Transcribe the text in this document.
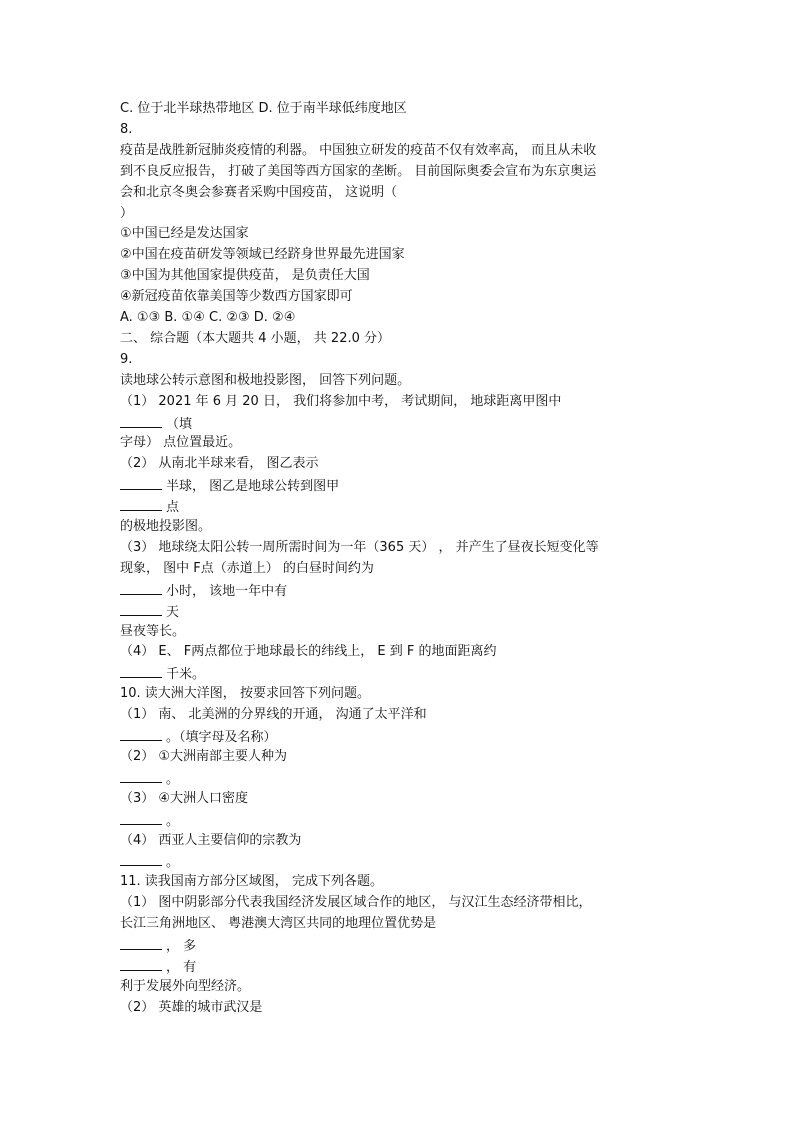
C. 位于北半球热带地区 D. 位于南半球低纬度地区
8.
疫苗是战胜新冠肺炎疫情的利器。 中国独立研发的疫苗不仅有效率高， 而且从未收
到不良反应报告， 打破了美国等西方国家的垄断。 目前国际奥委会宣布为东京奥运
会和北京冬奥会参赛者采购中国疫苗， 这说明（
）
①中国已经是发达国家
②中国在疫苗研发等领域已经跻身世界最先进国家
③中国为其他国家提供疫苗， 是负责任大国
④新冠疫苗依靠美国等少数西方国家即可
A. ①③ B. ①④ C. ②③ D. ②④
二、 综合题（本大题共 4 小题， 共 22.0 分）
9.
读地球公转示意图和极地投影图， 回答下列问题。
（1） 2021 年 6 月 20 日， 我们将参加中考， 考试期间， 地球距离甲图中
（填
字母） 点位置最近。
（2） 从南北半球来看， 图乙表示
半球， 图乙是地球公转到图甲
点
的极地投影图。
（3） 地球绕太阳公转一周所需时间为一年（365 天） ， 并产生了昼夜长短变化等
现象， 图中 F点（赤道上） 的白昼时间约为
小时， 该地一年中有
天
昼夜等长。
（4） E、 F两点都位于地球最长的纬线上， E 到 F 的地面距离约
千米。
10. 读大洲大洋图， 按要求回答下列问题。
（1） 南、 北美洲的分界线的开通， 沟通了太平洋和
。（填字母及名称）
（2） ①大洲南部主要人种为
。
（3） ④大洲人口密度
。
（4） 西亚人主要信仰的宗教为
。
11. 读我国南方部分区域图， 完成下列各题。
（1） 图中阴影部分代表我国经济发展区域合作的地区， 与汉江生态经济带相比，
长江三角洲地区、 粤港澳大湾区共同的地理位置优势是
， 多
， 有
利于发展外向型经济。
（2） 英雄的城市武汉是
